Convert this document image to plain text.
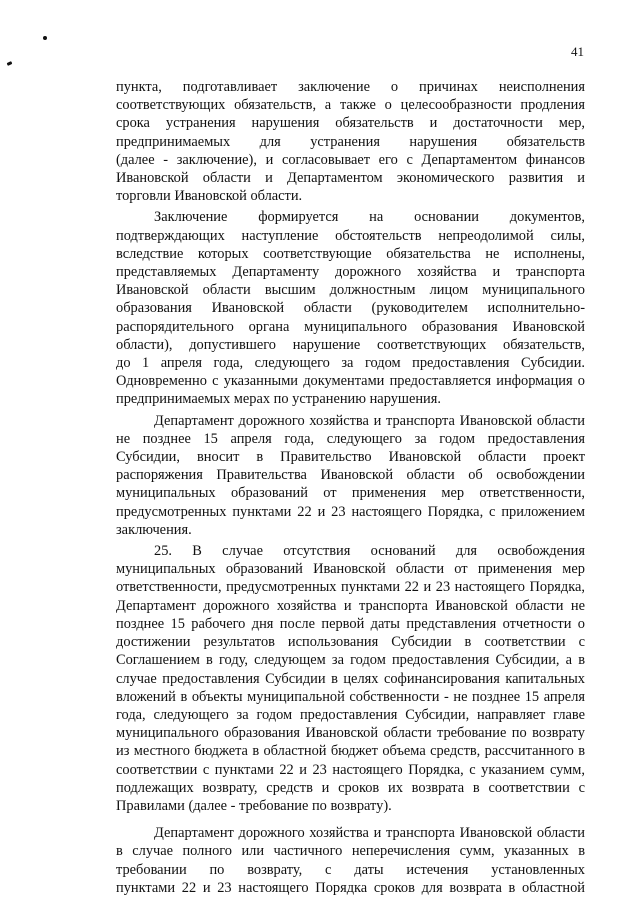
41
пункта, подготавливает заключение о причинах неисполнения
соответствующих обязательств, а также о целесообразности продления
срока устранения нарушения обязательств и достаточности мер,
предпринимаемых для устранения нарушения обязательств
(далее - заключение), и согласовывает его с Департаментом финансов
Ивановской области и Департаментом экономического развития и
торговли Ивановской области.
Заключение формируется на основании документов,
подтверждающих наступление обстоятельств непреодолимой силы,
вследствие которых соответствующие обязательства не исполнены,
представляемых Департаменту дорожного хозяйства и транспорта
Ивановской области высшим должностным лицом муниципального
образования Ивановской области (руководителем исполнительно-
распорядительного органа муниципального образования Ивановской
области), допустившего нарушение соответствующих обязательств,
до 1 апреля года, следующего за годом предоставления Субсидии.
Одновременно с указанными документами предоставляется информация о
предпринимаемых мерах по устранению нарушения.
Департамент дорожного хозяйства и транспорта Ивановской области
не позднее 15 апреля года, следующего за годом предоставления
Субсидии, вносит в Правительство Ивановской области проект
распоряжения Правительства Ивановской области об освобождении
муниципальных образований от применения мер ответственности,
предусмотренных пунктами 22 и 23 настоящего Порядка, с приложением
заключения.
25. В случае отсутствия оснований для освобождения
муниципальных образований Ивановской области от применения мер
ответственности, предусмотренных пунктами 22 и 23 настоящего Порядка,
Департамент дорожного хозяйства и транспорта Ивановской области не
позднее 15 рабочего дня после первой даты представления отчетности о
достижении результатов использования Субсидии в соответствии с
Соглашением в году, следующем за годом предоставления Субсидии, а в
случае предоставления Субсидии в целях софинансирования капитальных
вложений в объекты муниципальной собственности - не позднее 15 апреля
года, следующего за годом предоставления Субсидии, направляет главе
муниципального образования Ивановской области требование по возврату
из местного бюджета в областной бюджет объема средств, рассчитанного в
соответствии с пунктами 22 и 23 настоящего Порядка, с указанием сумм,
подлежащих возврату, средств и сроков их возврата в соответствии с
Правилами (далее - требование по возврату).
Департамент дорожного хозяйства и транспорта Ивановской области
в случае полного или частичного неперечисления сумм, указанных в
требовании по возврату, с даты истечения установленных
пунктами 22 и 23 настоящего Порядка сроков для возврата в областной
